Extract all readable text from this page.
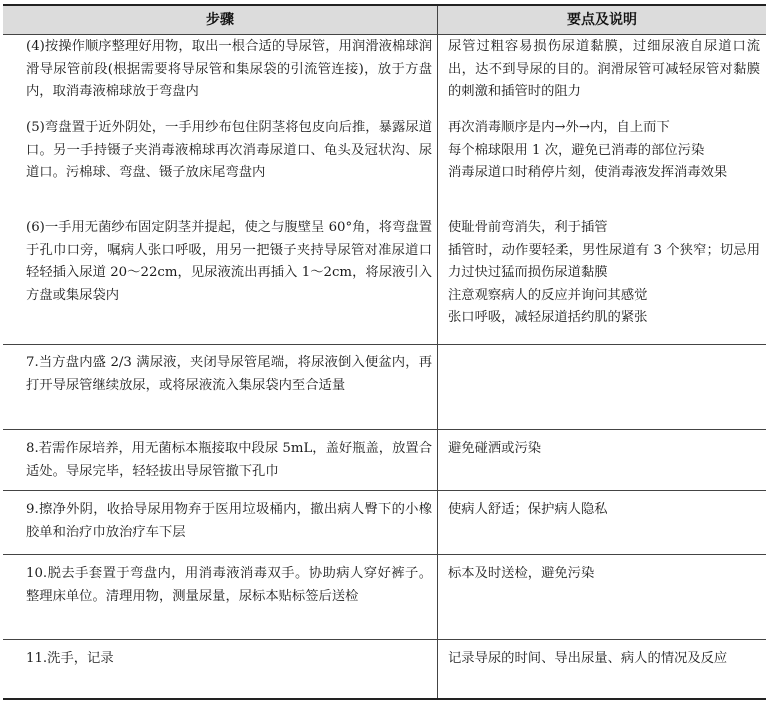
步骤	要点及说明

(4)按操作顺序整理好用物，取出一根合适的导尿管，用润滑液棉球润滑导尿管前段(根据需要将导尿管和集尿袋的引流管连接)，放于方盘内，取消毒液棉球放于弯盘内

尿管过粗容易损伤尿道黏膜，过细尿液自尿道口流出，达不到导尿的目的。润滑尿管可减轻尿管对黏膜的刺激和插管时的阻力

(5)弯盘置于近外阴处，一手用纱布包住阴茎将包皮向后推，暴露尿道口。另一手持镊子夹消毒液棉球再次消毒尿道口、龟头及冠状沟、尿道口。污棉球、弯盘、镊子放床尾弯盘内

再次消毒顺序是内→外→内，自上而下

每个棉球限用 1 次，避免已消毒的部位污染

消毒尿道口时稍停片刻，使消毒液发挥消毒效果

(6)一手用无菌纱布固定阴茎并提起，使之与腹壁呈 60°角，将弯盘置于孔巾口旁，嘱病人张口呼吸，用另一把镊子夹持导尿管对准尿道口轻轻插入尿道 20～22cm，见尿液流出再插入 1～2cm，将尿液引入方盘或集尿袋内

使耻骨前弯消失，利于插管

插管时，动作要轻柔，男性尿道有 3 个狭窄；切忌用力过快过猛而损伤尿道黏膜

注意观察病人的反应并询问其感觉

张口呼吸，减轻尿道括约肌的紧张

7.当方盘内盛 2/3 满尿液，夹闭导尿管尾端，将尿液倒入便盆内，再打开导尿管继续放尿，或将尿液流入集尿袋内至合适量

8.若需作尿培养，用无菌标本瓶接取中段尿 5mL，盖好瓶盖，放置合适处。导尿完毕，轻轻拔出导尿管撤下孔巾

避免碰洒或污染

9.擦净外阴，收拾导尿用物弃于医用垃圾桶内，撤出病人臀下的小橡胶单和治疗巾放治疗车下层

使病人舒适；保护病人隐私

10.脱去手套置于弯盘内，用消毒液消毒双手。协助病人穿好裤子。整理床单位。清理用物，测量尿量，尿标本贴标签后送检

标本及时送检，避免污染

11.洗手，记录	记录导尿的时间、导出尿量、病人的情况及反应
